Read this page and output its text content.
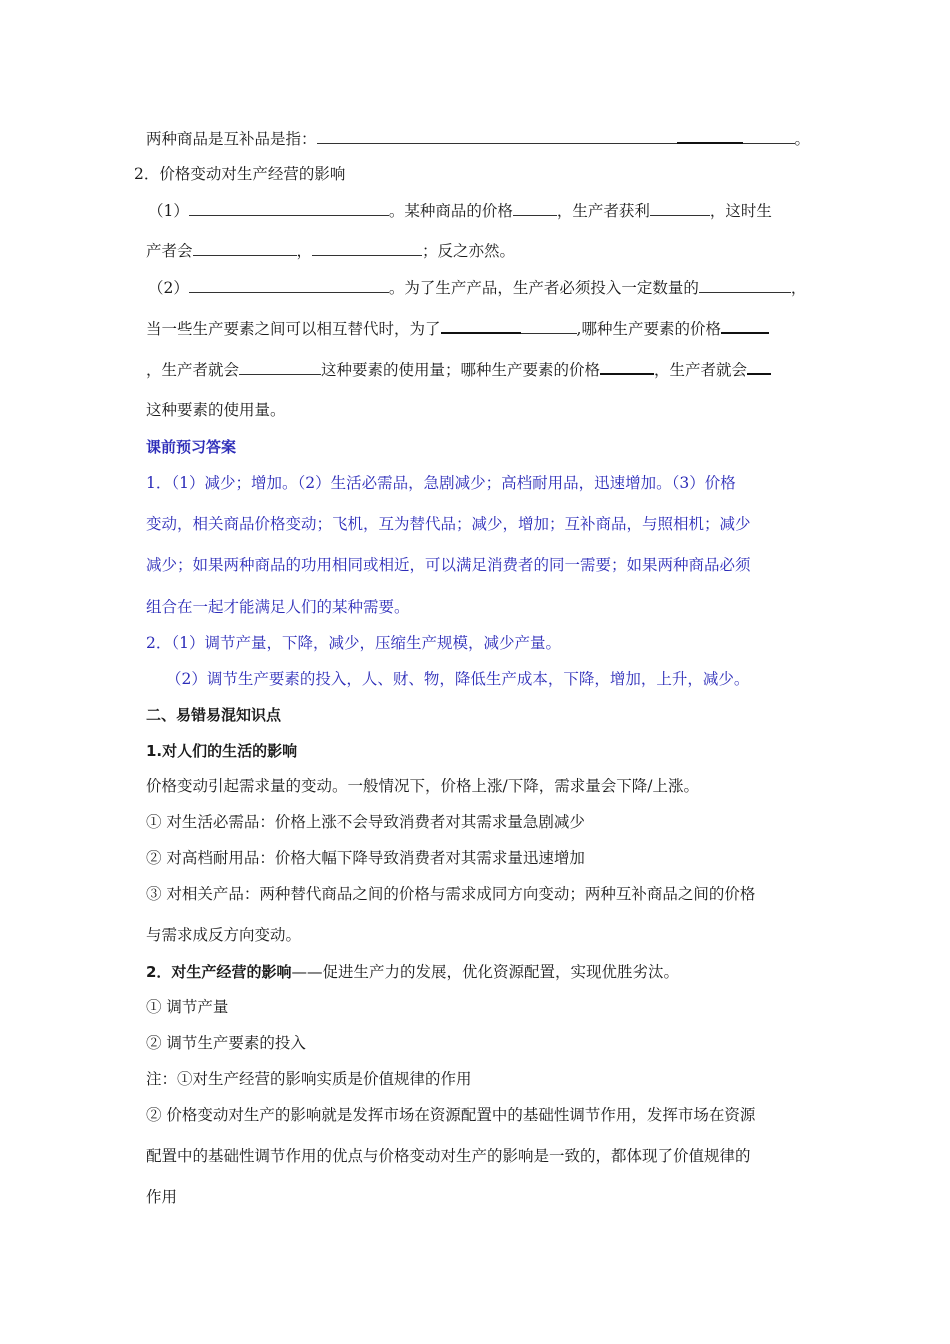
两种商品是互补品是指：	。
2．价格变动对生产经营的影响
（1）	。某种商品的价格	，生产者获利	，这时生
产者会	，	；反之亦然。
（2）	。为了生产产品，生产者必须投入一定数量的	，
当一些生产要素之间可以相互替代时，为了	,哪种生产要素的价格
，生产者就会	这种要素的使用量；哪种生产要素的价格	，生产者就会
这种要素的使用量。
课前预习答案
1．（1）减少；增加。（2）生活必需品，急剧减少；高档耐用品，迅速增加。（3）价格
变动，相关商品价格变动；飞机，互为替代品；减少，增加；互补商品，与照相机；减少
减少；如果两种商品的功用相同或相近，可以满足消费者的同一需要；如果两种商品必须
组合在一起才能满足人们的某种需要。
2．（1）调节产量，下降，减少，压缩生产规模，减少产量。
（2）调节生产要素的投入，人、财、物，降低生产成本，下降，增加，上升，减少。
二、易错易混知识点
1.对人们的生活的影响
价格变动引起需求量的变动。一般情况下，价格上涨/下降，需求量会下降/上涨。
① 对生活必需品：价格上涨不会导致消费者对其需求量急剧减少
② 对高档耐用品：价格大幅下降导致消费者对其需求量迅速增加
③ 对相关产品：两种替代商品之间的价格与需求成同方向变动；两种互补商品之间的价格
与需求成反方向变动。
2．对生产经营的影响——促进生产力的发展，优化资源配置，实现优胜劣汰。
① 调节产量
② 调节生产要素的投入
注：①对生产经营的影响实质是价值规律的作用
② 价格变动对生产的影响就是发挥市场在资源配置中的基础性调节作用，发挥市场在资源
配置中的基础性调节作用的优点与价格变动对生产的影响是一致的，都体现了价值规律的
作用
